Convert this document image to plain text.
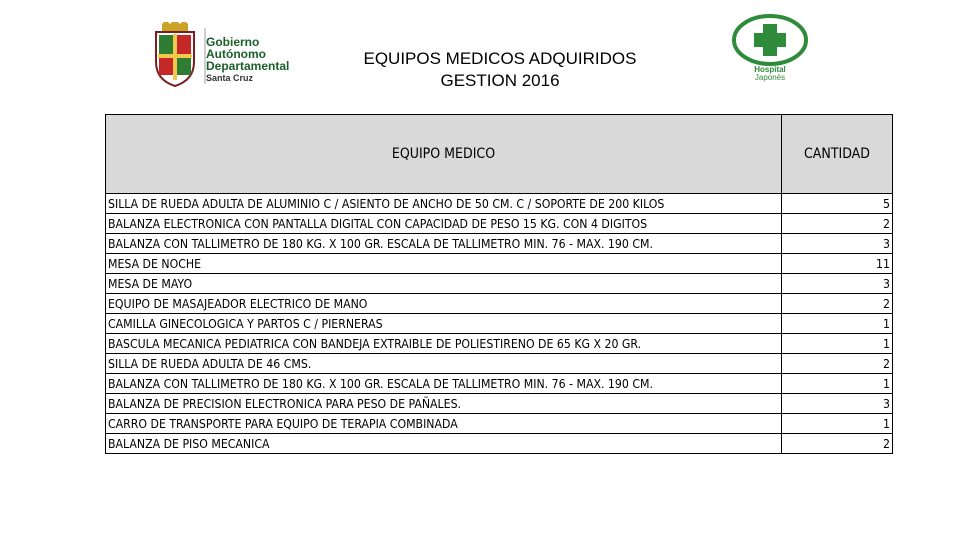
Gobierno
Autónomo
Departamental
Santa Cruz
EQUIPOS MEDICOS ADQUIRIDOS
GESTION 2016
Hospital
Japonés
EQUIPO MEDICO	CANTIDAD
SILLA DE RUEDA ADULTA DE ALUMINIO C / ASIENTO DE ANCHO DE 50 CM. C / SOPORTE DE 200 KILOS	5
BALANZA ELECTRONICA CON PANTALLA DIGITAL CON CAPACIDAD DE PESO 15 KG. CON 4 DIGITOS	2
BALANZA CON TALLIMETRO DE 180 KG. X 100 GR. ESCALA DE TALLIMETRO MIN. 76 - MAX. 190 CM.	3
MESA DE NOCHE	11
MESA DE MAYO	3
EQUIPO DE MASAJEADOR ELECTRICO DE MANO	2
CAMILLA GINECOLOGICA Y PARTOS C / PIERNERAS	1
BASCULA MECANICA PEDIATRICA CON BANDEJA EXTRAIBLE DE POLIESTIRENO DE 65 KG X 20 GR.	1
SILLA DE RUEDA ADULTA DE 46 CMS.	2
BALANZA CON TALLIMETRO DE 180 KG. X 100 GR. ESCALA DE TALLIMETRO MIN. 76 - MAX. 190 CM.	1
BALANZA DE PRECISION ELECTRONICA PARA PESO DE PAÑALES.	3
CARRO DE TRANSPORTE PARA EQUIPO DE TERAPIA COMBINADA	1
BALANZA DE PISO MECANICA	2
